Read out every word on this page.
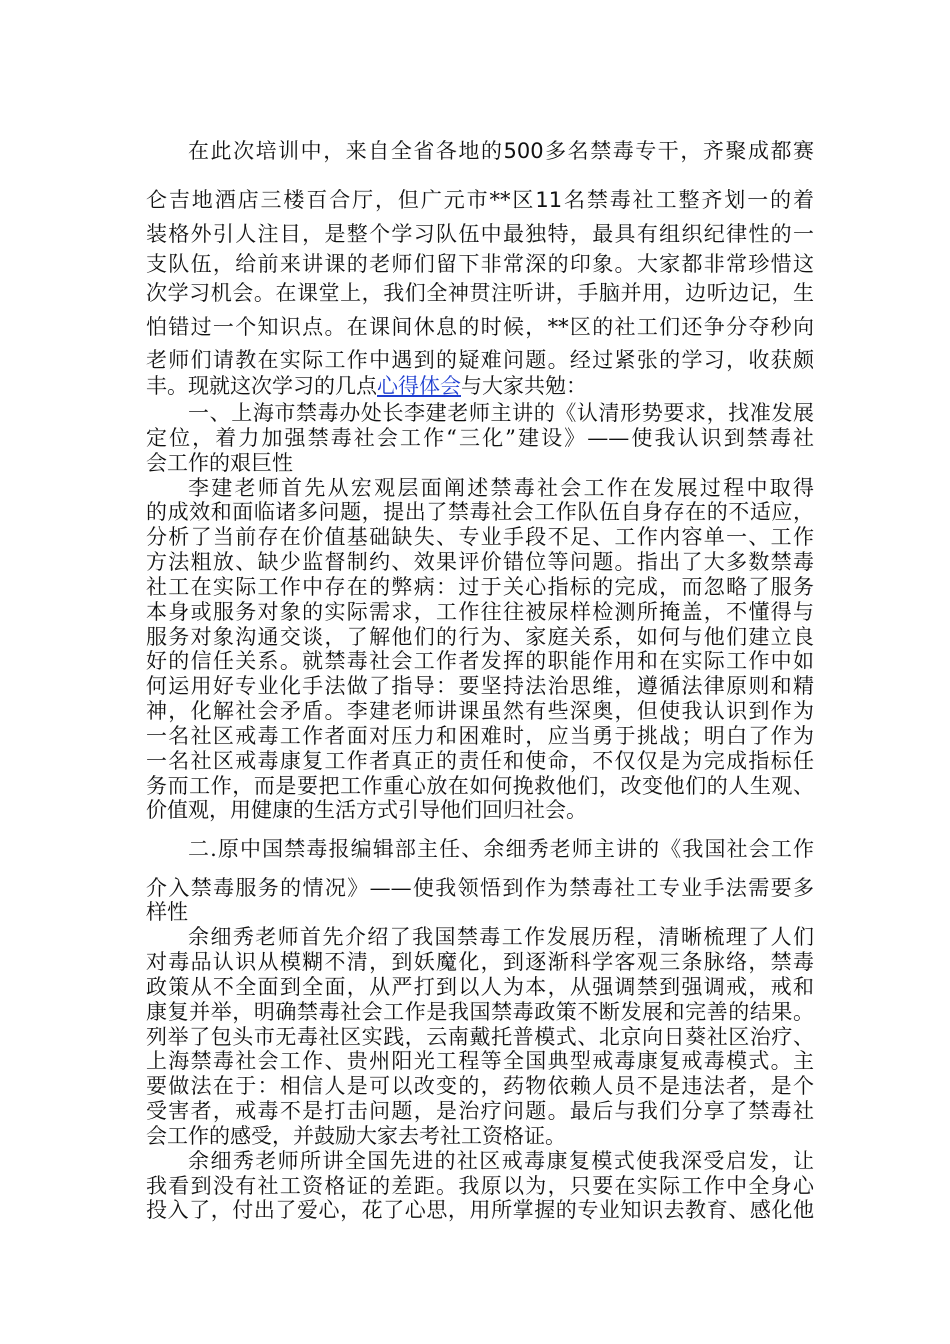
在此次培训中，来自全省各地的500多名禁毒专干，齐聚成都赛
仑吉地酒店三楼百合厅，但广元市**区11名禁毒社工整齐划一的着
装格外引人注目，是整个学习队伍中最独特，最具有组织纪律性的一
支队伍，给前来讲课的老师们留下非常深的印象。大家都非常珍惜这
次学习机会。在课堂上，我们全神贯注听讲，手脑并用，边听边记，生
怕错过一个知识点。在课间休息的时候，**区的社工们还争分夺秒向
老师们请教在实际工作中遇到的疑难问题。经过紧张的学习，收获颇
丰。现就这次学习的几点心得体会与大家共勉：
一、上海市禁毒办处长李建老师主讲的《认清形势要求，找准发展
定位，着力加强禁毒社会工作“三化”建设》——使我认识到禁毒社
会工作的艰巨性
李建老师首先从宏观层面阐述禁毒社会工作在发展过程中取得
的成效和面临诸多问题，提出了禁毒社会工作队伍自身存在的不适应，
分析了当前存在价值基础缺失、专业手段不足、工作内容单一、工作
方法粗放、缺少监督制约、效果评价错位等问题。指出了大多数禁毒
社工在实际工作中存在的弊病：过于关心指标的完成，而忽略了服务
本身或服务对象的实际需求，工作往往被尿样检测所掩盖，不懂得与
服务对象沟通交谈，了解他们的行为、家庭关系，如何与他们建立良
好的信任关系。就禁毒社会工作者发挥的职能作用和在实际工作中如
何运用好专业化手法做了指导：要坚持法治思维，遵循法律原则和精
神，化解社会矛盾。李建老师讲课虽然有些深奥，但使我认识到作为
一名社区戒毒工作者面对压力和困难时，应当勇于挑战；明白了作为
一名社区戒毒康复工作者真正的责任和使命，不仅仅是为完成指标任
务而工作，而是要把工作重心放在如何挽救他们，改变他们的人生观、
价值观，用健康的生活方式引导他们回归社会。
二.原中国禁毒报编辑部主任、余细秀老师主讲的《我国社会工作
介入禁毒服务的情况》——使我领悟到作为禁毒社工专业手法需要多
样性
余细秀老师首先介绍了我国禁毒工作发展历程，清晰梳理了人们
对毒品认识从模糊不清，到妖魔化，到逐渐科学客观三条脉络，禁毒
政策从不全面到全面，从严打到以人为本，从强调禁到强调戒，戒和
康复并举，明确禁毒社会工作是我国禁毒政策不断发展和完善的结果。
列举了包头市无毒社区实践，云南戴托普模式、北京向日葵社区治疗、
上海禁毒社会工作、贵州阳光工程等全国典型戒毒康复戒毒模式。主
要做法在于：相信人是可以改变的，药物依赖人员不是违法者，是个
受害者，戒毒不是打击问题，是治疗问题。最后与我们分享了禁毒社
会工作的感受，并鼓励大家去考社工资格证。
余细秀老师所讲全国先进的社区戒毒康复模式使我深受启发，让
我看到没有社工资格证的差距。我原以为，只要在实际工作中全身心
投入了，付出了爱心，花了心思，用所掌握的专业知识去教育、感化他
